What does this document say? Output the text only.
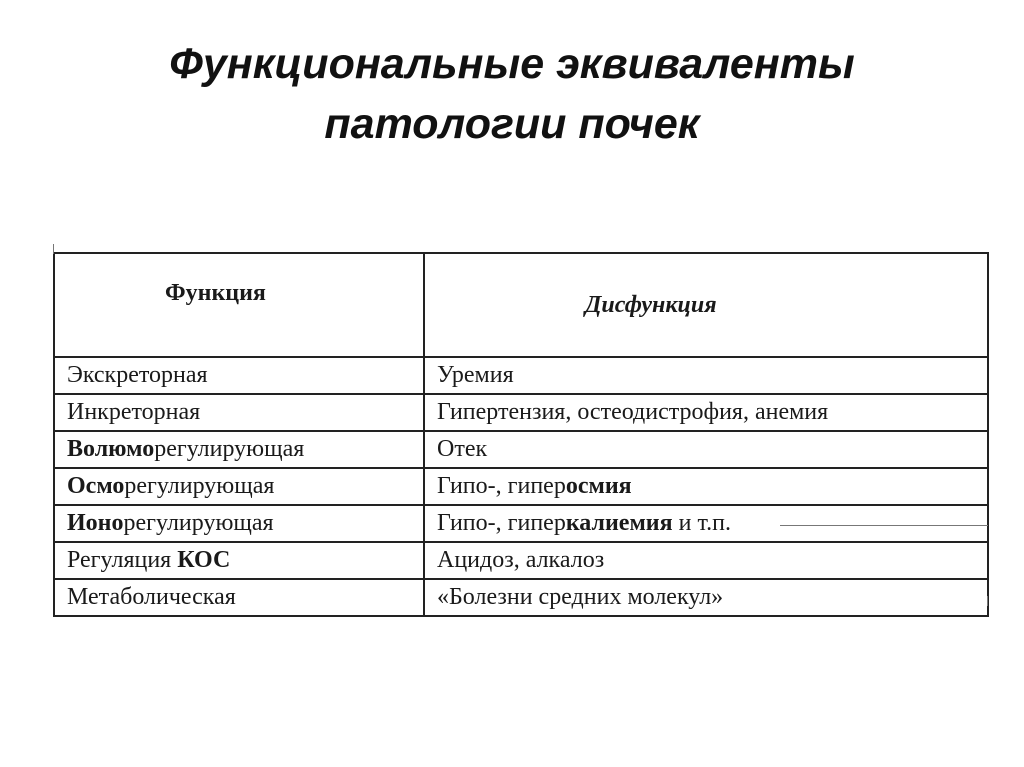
Функциональные эквиваленты
патологии почек
Функция	Дисфункция
Экскреторная	Уремия
Инкреторная	Гипертензия, остеодистрофия, анемия
Волюморегулирующая	Отек
Осморегулирующая	Гипо-, гиперосмия
Ионорегулирующая	Гипо-, гиперкалиемия и т.п.
Регуляция КОС	Ацидоз, алкалоз
Метаболическая	«Болезни средних молекул»
